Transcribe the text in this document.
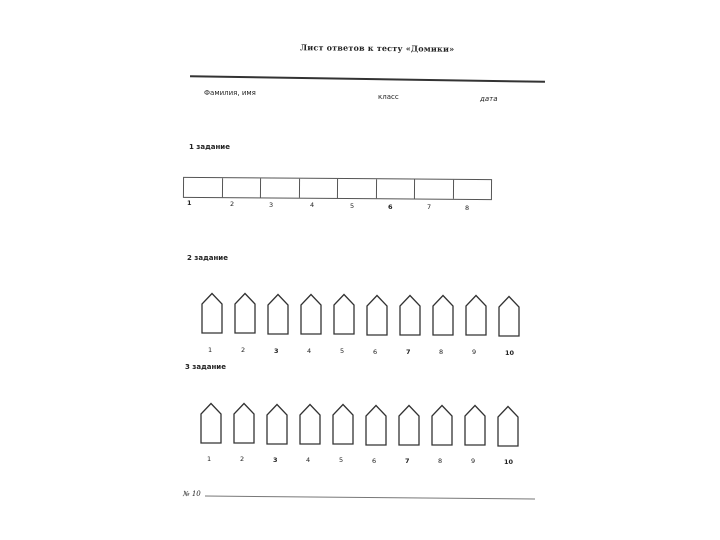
Лист ответов к тесту «Домики»
Фамилия, имя	класс	дата
1 задание
1	2	3	4	5	6	7	8
2 задание
1	2	3	4	5	6	7	8	9	10
3 задание
1	2	3	4	5	6	7	8	9	10
№ 10
